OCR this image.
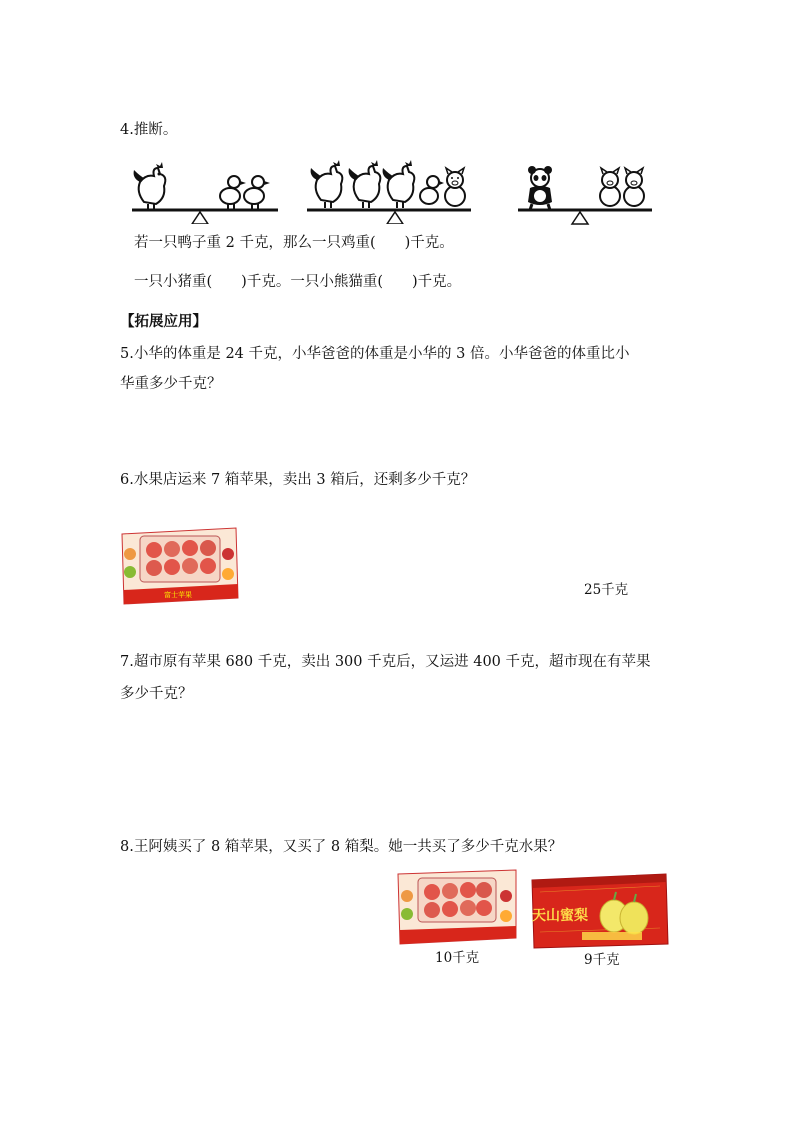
4.推断。
若一只鸭子重 2 千克，那么一只鸡重(　　)千克。
一只小猪重(　　)千克。一只小熊猫重(　　)千克。
【拓展应用】
5.小华的体重是 24 千克，小华爸爸的体重是小华的 3 倍。小华爸爸的体重比小
华重多少千克？
6.水果店运来 7 箱苹果，卖出 3 箱后，还剩多少千克？
富士苹果	25千克
7.超市原有苹果 680 千克，卖出 300 千克后，又运进 400 千克，超市现在有苹果
多少千克？
8.王阿姨买了 8 箱苹果，又买了 8 箱梨。她一共买了多少千克水果？
10千克
天山蜜梨
9千克
